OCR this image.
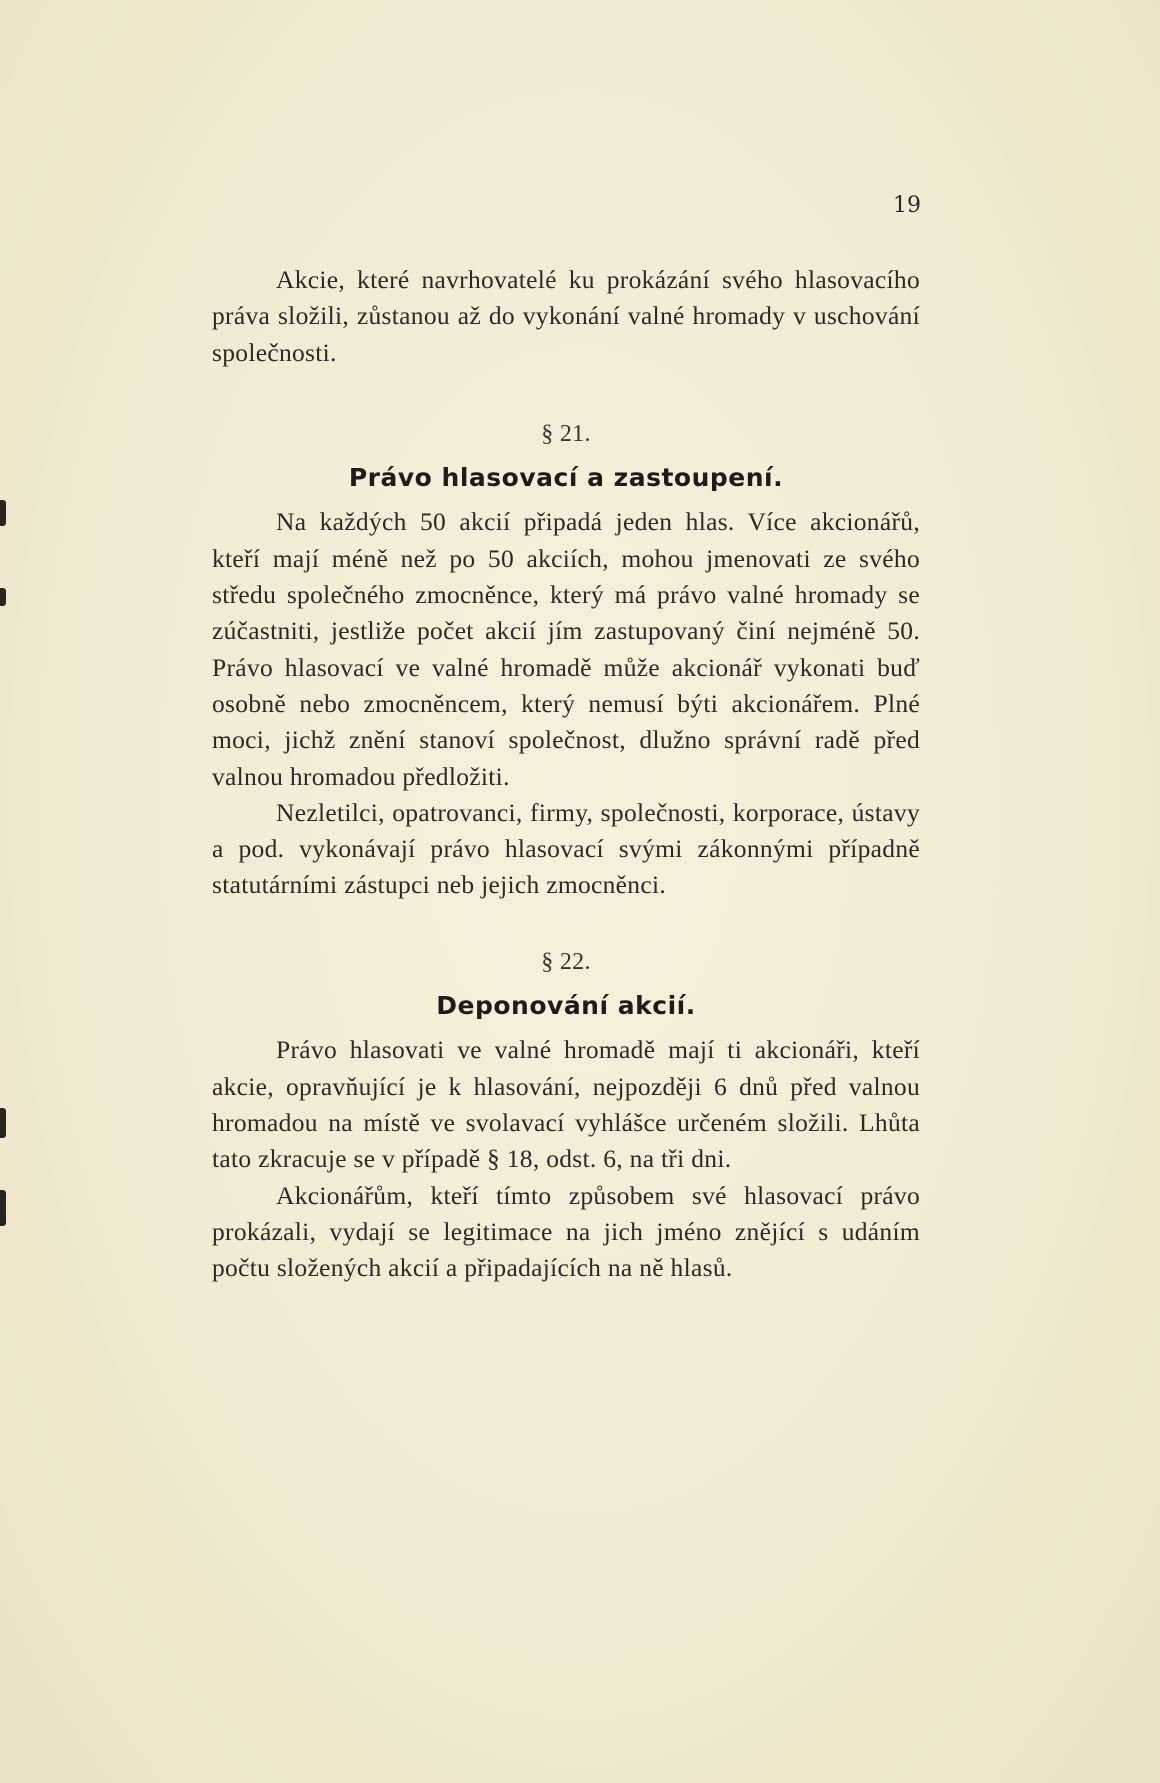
19

Akcie, které navrhovatelé ku prokázání svého hlasovacího práva složili, zůstanou až do vykonání valné hromady v uschování společnosti.

§ 21.

Právo hlasovací a zastoupení.

Na každých 50 akcií připadá jeden hlas. Více akcionářů, kteří mají méně než po 50 akciích, mohou jmenovati ze svého středu společného zmocněnce, který má právo valné hromady se zúčastniti, jestliže počet akcií jím zastupovaný činí nejméně 50. Právo hlasovací ve valné hromadě může akcionář vykonati buď osobně nebo zmocněncem, který nemusí býti akcionářem. Plné moci, jichž znění stanoví společnost, dlužno správní radě před valnou hromadou předložiti.

Nezletilci, opatrovanci, firmy, společnosti, korporace, ústavy a pod. vykonávají právo hlasovací svými zákonnými případně statutárními zástupci neb jejich zmocněnci.

§ 22.

Deponování akcií.

Právo hlasovati ve valné hromadě mají ti akcionáři, kteří akcie, opravňující je k hlasování, nejpozději 6 dnů před valnou hromadou na místě ve svolavací vyhlášce určeném složili. Lhůta tato zkracuje se v případě § 18, odst. 6, na tři dni.

Akcionářům, kteří tímto způsobem své hlasovací právo prokázali, vydají se legitimace na jich jméno znějící s udáním počtu složených akcií a připadajících na ně hlasů.
